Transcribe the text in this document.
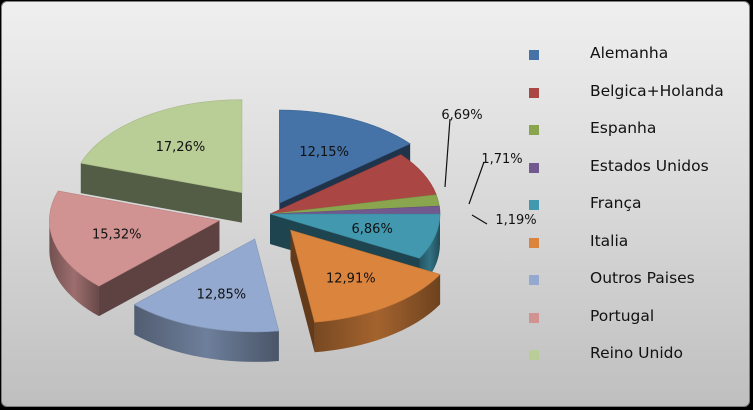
12,15%
6,69%
1,71%
1,19%
6,86%
12,91%
12,85%
15,32%
17,26%
Alemanha
Belgica+Holanda
Espanha
Estados Unidos
França
Italia
Outros Paises
Portugal
Reino Unido
